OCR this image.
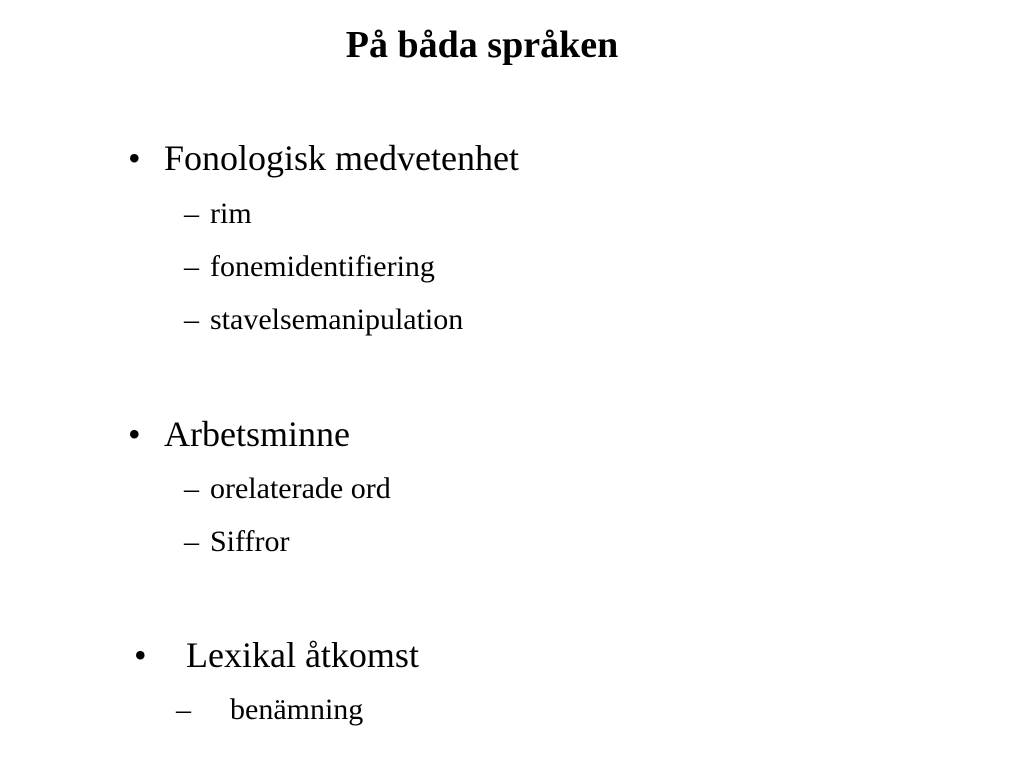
På båda språken
• Fonologisk medvetenhet
– rim
– fonemidentifiering
– stavelsemanipulation
• Arbetsminne
– orelaterade ord
– Siffror
• Lexikal åtkomst
– benämning
